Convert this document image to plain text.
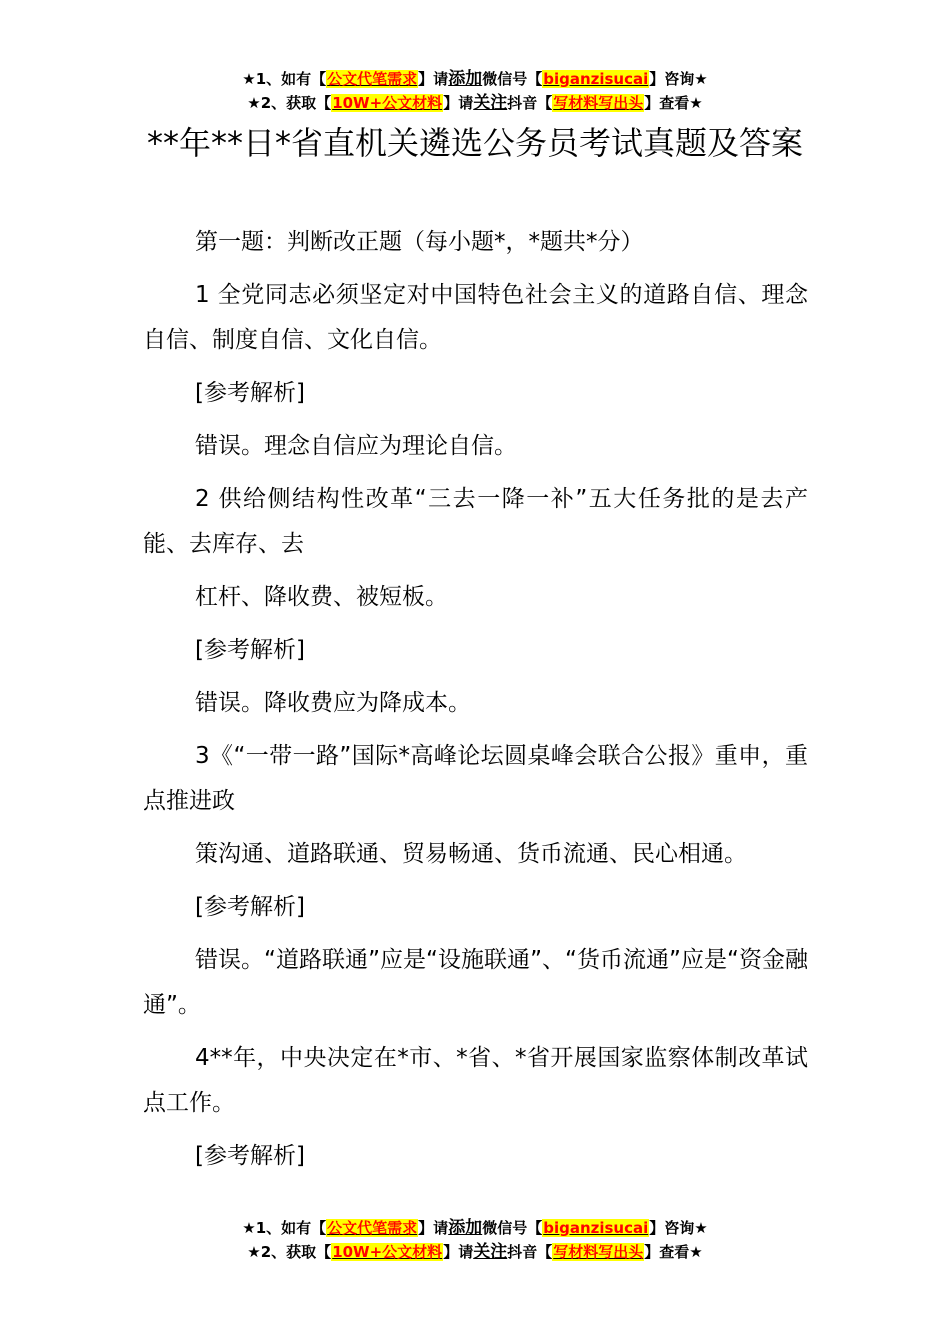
★1、如有【公文代笔需求】请添加微信号【biganzisucai】咨询★
★2、获取【10W+公文材料】请关注抖音【写材料写出头】查看★
**年**日*省直机关遴选公务员考试真题及答案

第一题：判断改正题（每小题*，*题共*分）

1 全党同志必须坚定对中国特色社会主义的道路自信、理念自信、制度自信、文化自信。

[参考解析]

错误。理念自信应为理论自信。

2 供给侧结构性改革“三去一降一补”五大任务批的是去产能、去库存、去

杠杆、降收费、被短板。

[参考解析]

错误。降收费应为降成本。

3《“一带一路”国际*高峰论坛圆桌峰会联合公报》重申，重点推进政

策沟通、道路联通、贸易畅通、货币流通、民心相通。

[参考解析]

错误。“道路联通”应是“设施联通”、“货币流通”应是“资金融通”。

4**年，中央决定在*市、*省、*省开展国家监察体制改革试点工作。

[参考解析]

★1、如有【公文代笔需求】请添加微信号【biganzisucai】咨询★
★2、获取【10W+公文材料】请关注抖音【写材料写出头】查看★
